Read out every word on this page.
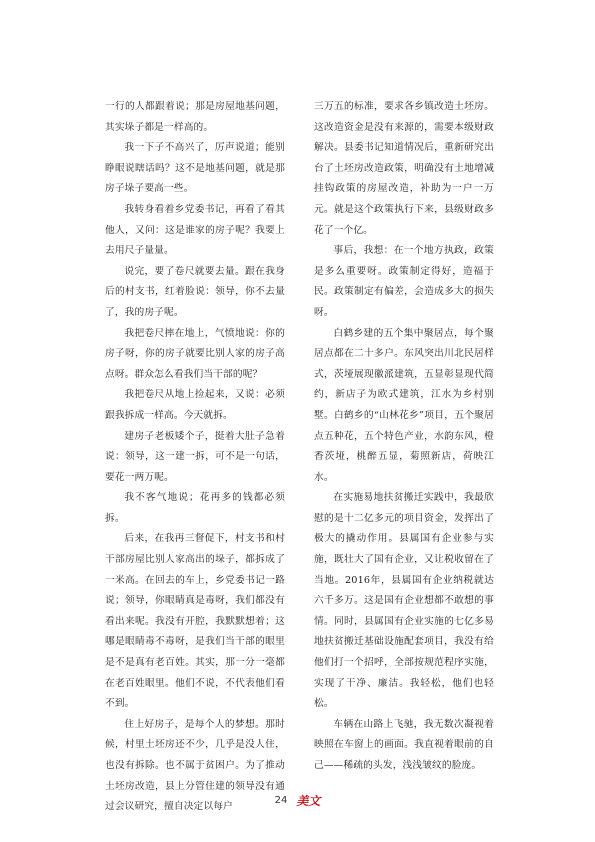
一行的人都跟着说；那是房屋地基问题，其实垛子都是一样高的。

我一下子不高兴了，厉声说道；能别睁眼说瞎话吗？这不是地基问题，就是那房子垛子要高一些。

我转身看着乡党委书记，再看了看其他人，又问：这是谁家的房子呢？我要上去用尺子量量。

说完，要了卷尺就要去量。跟在我身后的村支书，红着脸说：领导，你不去量了，我的房子呢。

我把卷尺摔在地上，气愤地说：你的房子呀，你的房子就要比别人家的房子高点呀。群众怎么看我们当干部的呢？

我把卷尺从地上捡起来，又说：必须跟我拆成一样高。今天就拆。

建房子老板矮个子，挺着大肚子急着说：领导，这一建一拆，可不是一句话，要花一两万呢。

我不客气地说；花再多的钱都必须拆。

后来，在我再三督促下，村支书和村干部房屋比别人家高出的垛子，都拆成了一米高。在回去的车上，乡党委书记一路说；领导，你眼睛真是毒呀，我们都没有看出来呢。我没有开腔，我默默想着；这哪是眼睛毒不毒呀，是我们当干部的眼里是不是真有老百姓。其实，那一分一毫都在老百姓眼里。他们不说，不代表他们看不到。

住上好房子，是每个人的梦想。那时候，村里土坯房还不少，几乎是没人住，也没有拆除。也不属于贫困户。为了推动土坯房改造，县上分管住建的领导没有通过会议研究，擅自决定以每户

三万五的标准，要求各乡镇改造土坯房。这改造资金是没有来源的，需要本级财政解决。县委书记知道情况后，重新研究出台了土坯房改造政策，明确没有土地增减挂钩政策的房屋改造，补助为一户一万元。就是这个政策执行下来，县级财政多花了一个亿。

事后，我想：在一个地方执政，政策是多么重要呀。政策制定得好，造福于民。政策制定有偏差，会造成多大的损失呀。

白鹤乡建的五个集中聚居点，每个聚居点都在二十多户。东风突出川北民居样式，茨垭展现徽派建筑，五显彰显现代简约，新店子为欧式建筑，江水为乡村别墅。白鹤乡的“山林花乡”项目，五个聚居点五种花，五个特色产业，水韵东风，橙香茨垭，桃醉五显，菊照新店，荷映江水。

在实施易地扶贫搬迁实践中，我最欣慰的是十二亿多元的项目资金，发挥出了极大的撬动作用。县属国有企业参与实施，既壮大了国有企业，又让税收留在了当地。2016年，县属国有企业纳税就达六千多万。这是国有企业想都不敢想的事情。同时，县属国有企业实施的七亿多易地扶贫搬迁基础设施配套项目，我没有给他们打一个招呼，全部按规范程序实施，实现了干净、廉洁。我轻松，他们也轻松。

车辆在山路上飞驰，我无数次凝视着映照在车窗上的画面。我直视着眼前的自己——稀疏的头发，浅浅皱纹的脸庞。

24 美文
